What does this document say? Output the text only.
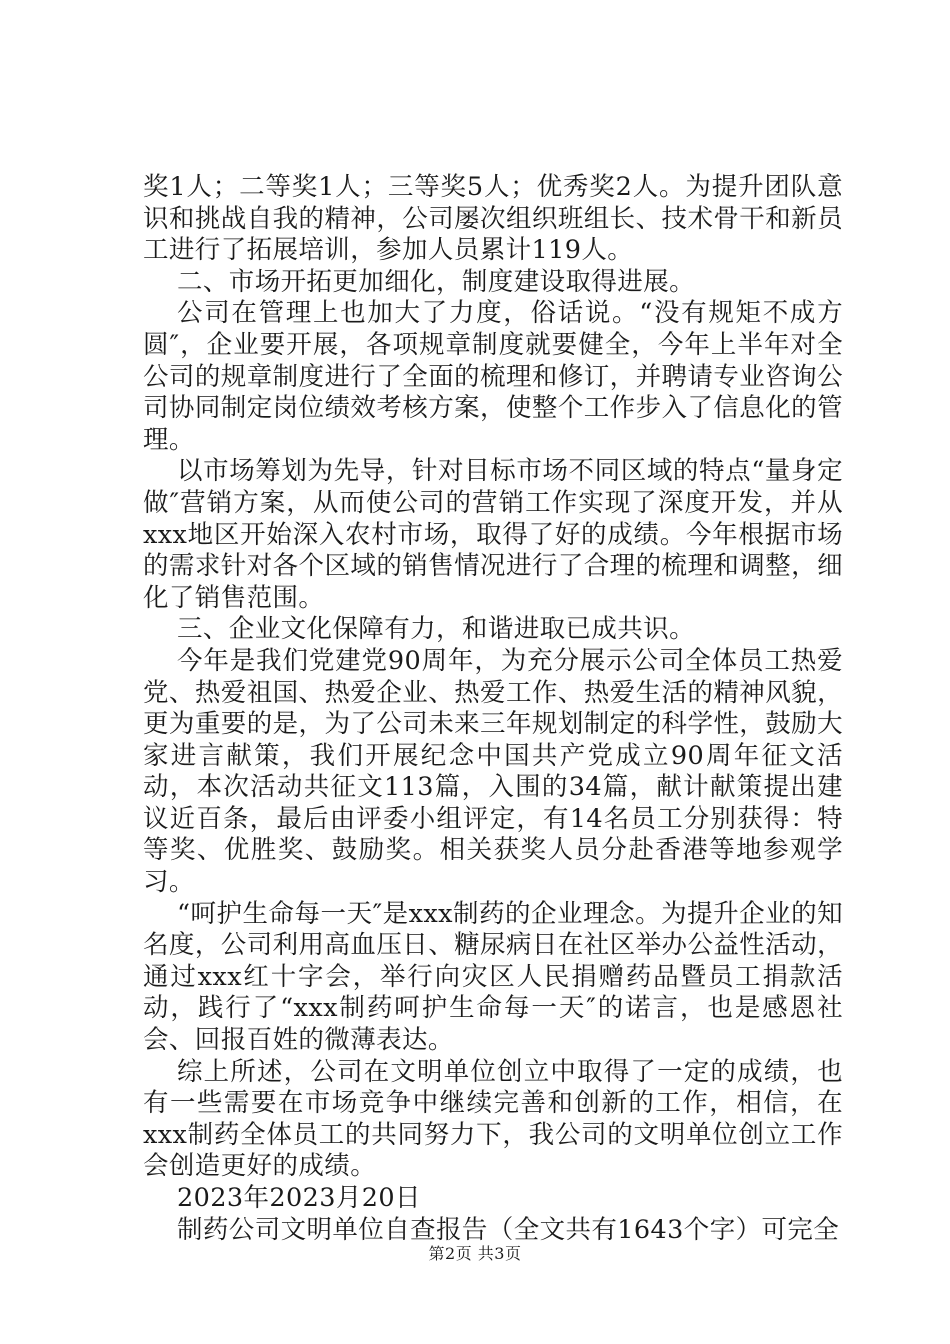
奖1人；二等奖1人；三等奖5人；优秀奖2人。为提升团队意识和挑战自我的精神，公司屡次组织班组长、技术骨干和新员工进行了拓展培训，参加人员累计119人。

二、市场开拓更加细化，制度建设取得进展。

公司在管理上也加大了力度，俗话说。“没有规矩不成方圆″，企业要开展，各项规章制度就要健全，今年上半年对全公司的规章制度进行了全面的梳理和修订，并聘请专业咨询公司协同制定岗位绩效考核方案，使整个工作步入了信息化的管理。

以市场筹划为先导，针对目标市场不同区域的特点“量身定做″营销方案，从而使公司的营销工作实现了深度开发，并从xxx地区开始深入农村市场，取得了好的成绩。今年根据市场的需求针对各个区域的销售情况进行了合理的梳理和调整，细化了销售范围。

三、企业文化保障有力，和谐进取已成共识。

今年是我们党建党90周年，为充分展示公司全体员工热爱党、热爱祖国、热爱企业、热爱工作、热爱生活的精神风貌，更为重要的是，为了公司未来三年规划制定的科学性，鼓励大家进言献策，我们开展纪念中国共产党成立90周年征文活动，本次活动共征文113篇，入围的34篇，献计献策提出建议近百条，最后由评委小组评定，有14名员工分别获得：特等奖、优胜奖、鼓励奖。相关获奖人员分赴香港等地参观学习。

“呵护生命每一天″是xxx制药的企业理念。为提升企业的知名度，公司利用高血压日、糖尿病日在社区举办公益性活动，通过xxx红十字会，举行向灾区人民捐赠药品暨员工捐款活动，践行了“xxx制药呵护生命每一天″的诺言，也是感恩社会、回报百姓的微薄表达。

综上所述，公司在文明单位创立中取得了一定的成绩，也有一些需要在市场竞争中继续完善和创新的工作，相信，在xxx制药全体员工的共同努力下，我公司的文明单位创立工作会创造更好的成绩。

2023年2023月20日

制药公司文明单位自查报告（全文共有1643个字）可完全

第2页 共3页
